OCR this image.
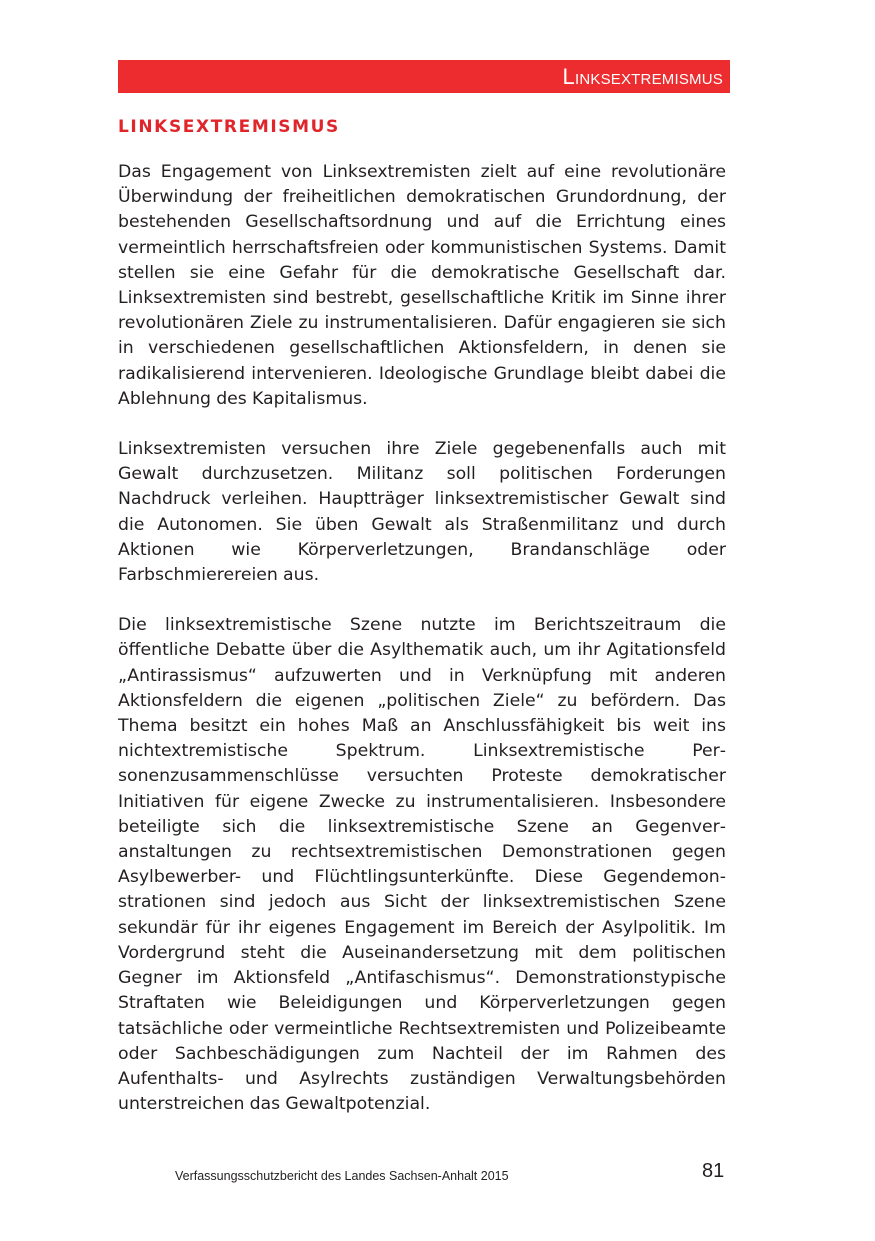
Linksextremismus
LINKSEXTREMISMUS

Das Engagement von Linksextremisten zielt auf eine revolutionäre Überwindung der freiheitlichen demokratischen Grundordnung, der bestehenden Gesellschaftsordnung und auf die Errichtung eines vermeintlich herrschaftsfreien oder kommunistischen Systems. Damit stellen sie eine Gefahr für die demokratische Gesellschaft dar. Linksextremisten sind bestrebt, gesellschaftliche Kritik im Sinne ihrer revolutionären Ziele zu instrumentalisieren. Dafür engagieren sie sich in verschiedenen gesellschaftlichen Aktionsfeldern, in denen sie radikalisierend intervenieren. Ideologische Grundlage bleibt dabei die Ablehnung des Kapitalismus.

Linksextremisten versuchen ihre Ziele gegebenenfalls auch mit Gewalt durchzusetzen. Militanz soll politischen Forderungen Nachdruck verleihen. Hauptträger linksextremistischer Gewalt sind die Autonomen. Sie üben Gewalt als Straßenmilitanz und durch Aktionen wie Körperverletzungen, Brandanschläge oder Farbschmierereien aus.

Die linksextremistische Szene nutzte im Berichtszeitraum die öffentliche Debatte über die Asylthematik auch, um ihr Agitationsfeld „Antirassismus“ aufzuwerten und in Verknüpfung mit anderen Aktionsfeldern die eigenen „politischen Ziele“ zu befördern. Das Thema besitzt ein hohes Maß an Anschlussfähigkeit bis weit ins nichtextremistische Spektrum. Linksextremistische Personenzusammenschlüsse versuchten Proteste demokratischer Initiativen für eigene Zwecke zu instrumentalisieren. Insbesondere beteiligte sich die linksextremistische Szene an Gegenveranstaltungen zu rechtsextremistischen Demonstrationen gegen Asylbewerber- und Flüchtlingsunterkünfte. Diese Gegendemonstrationen sind jedoch aus Sicht der linksextremistischen Szene sekundär für ihr eigenes Engagement im Bereich der Asylpolitik. Im Vordergrund steht die Auseinandersetzung mit dem politischen Gegner im Aktionsfeld „Antifaschismus“. Demonstrationstypische Straftaten wie Beleidigungen und Körperverletzungen gegen tatsächliche oder vermeintliche Rechtsextremisten und Polizeibeamte oder Sachbeschädigungen zum Nachteil der im Rahmen des Aufenthalts- und Asylrechts zuständigen Verwaltungsbehörden unterstreichen das Gewaltpotenzial.

Verfassungsschutzbericht des Landes Sachsen-Anhalt 2015	81
